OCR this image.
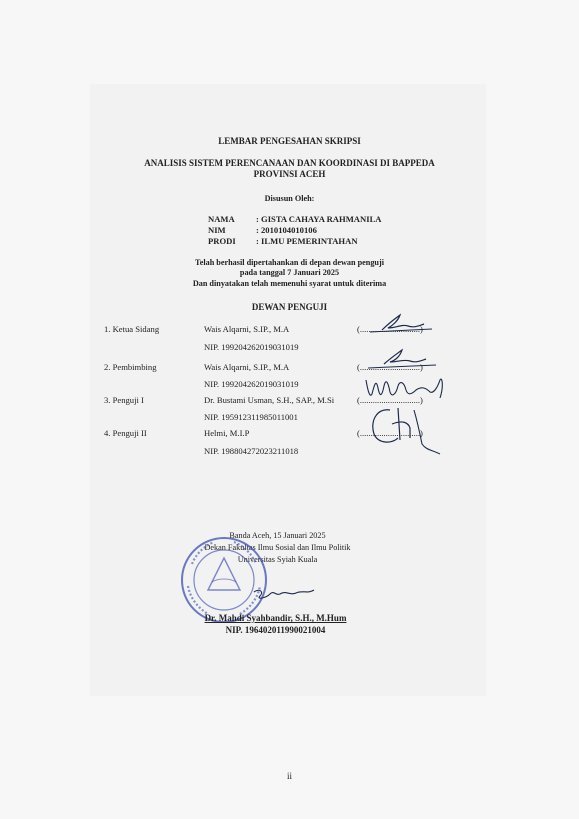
LEMBAR PENGESAHAN SKRIPSI
ANALISIS SISTEM PERENCANAAN DAN KOORDINASI DI BAPPEDA
PROVINSI ACEH
Disusun Oleh:
NAMA : GISTA CAHAYA RAHMANILA
NIM	: 2010104010106
PRODI : ILMU PEMERINTAHAN
Telah berhasil dipertahankan di depan dewan penguji
pada tanggal 7 Januari 2025
Dan dinyatakan telah memenuhi syarat untuk diterima
DEWAN PENGUJI
1. Ketua Sidang	Wais Alqarni, S.IP., M.A
NIP. 199204262019031019
(............................)
2. Pembimbing	Wais Alqarni, S.IP., M.A
NIP. 199204262019031019
(............................)
3. Penguji I	Dr. Bustami Usman, S.H., SAP., M.Si
NIP. 195912311985011001
(............................)
4. Penguji II	Helmi, M.I.P
NIP. 198804272023211018
(............................)
Banda Aceh, 15 Januari 2025
Dekan Fakultas Ilmu Sosial dan Ilmu Politik
Universitas Syiah Kuala
Dr. Mahdi Syahbandir, S.H., M.Hum
NIP. 196402011990021004
ii
